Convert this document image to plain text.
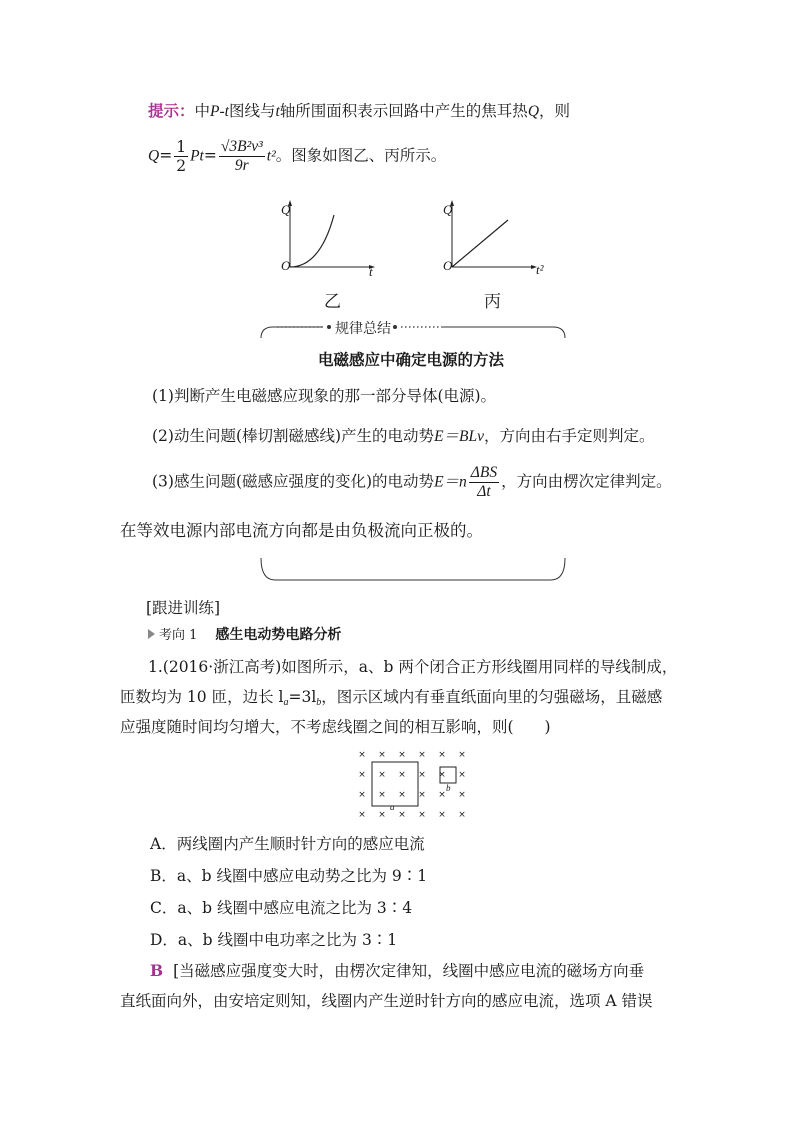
提示：中P-t图线与t轴所围面积表示回路中产生的焦耳热Q，则
$Q= \frac{1}{2} Pt= \frac{\text{√3B²v³}}{9r} t^2$。图象如图乙、丙所示。
Q
O	t
乙
Q
O	t²
丙
规律总结
电磁感应中确定电源的方法
(1)判断产生电磁感应现象的那一部分导体(电源)。
(2)动生问题(棒切割磁感线)产生的电动势E＝BLv，方向由右手定则判定。
(3)感生问题(磁感应强度的变化)的电动势$E=n \frac{\text{ΔBS}}{\Delta t}$ ，方向由楞次定律判定。
在等效电源内部电流方向都是由负极流向正极的。
[跟进训练]
考向 1 感生电动势电路分析
1.(2016·浙江高考)如图所示，a、b 两个闭合正方形线圈用同样的导线制成，
匝数均为 10 匝，边长 $l_a=3l_b$，图示区域内有垂直纸面向里的匀强磁场，且磁感
应强度随时间均匀增大，不考虑线圈之间的相互影响，则(　　)
× × × × × ×
× × × × × ×
× × × × × ×
× × × × × ×
a
b
A．两线圈内产生顺时针方向的感应电流
B．a、b 线圈中感应电动势之比为 9∶1
C．a、b 线圈中感应电流之比为 3∶4
D．a、b 线圈中电功率之比为 3∶1
B [当磁感应强度变大时，由楞次定律知，线圈中感应电流的磁场方向垂
直纸面向外，由安培定则知，线圈内产生逆时针方向的感应电流，选项 A 错误
